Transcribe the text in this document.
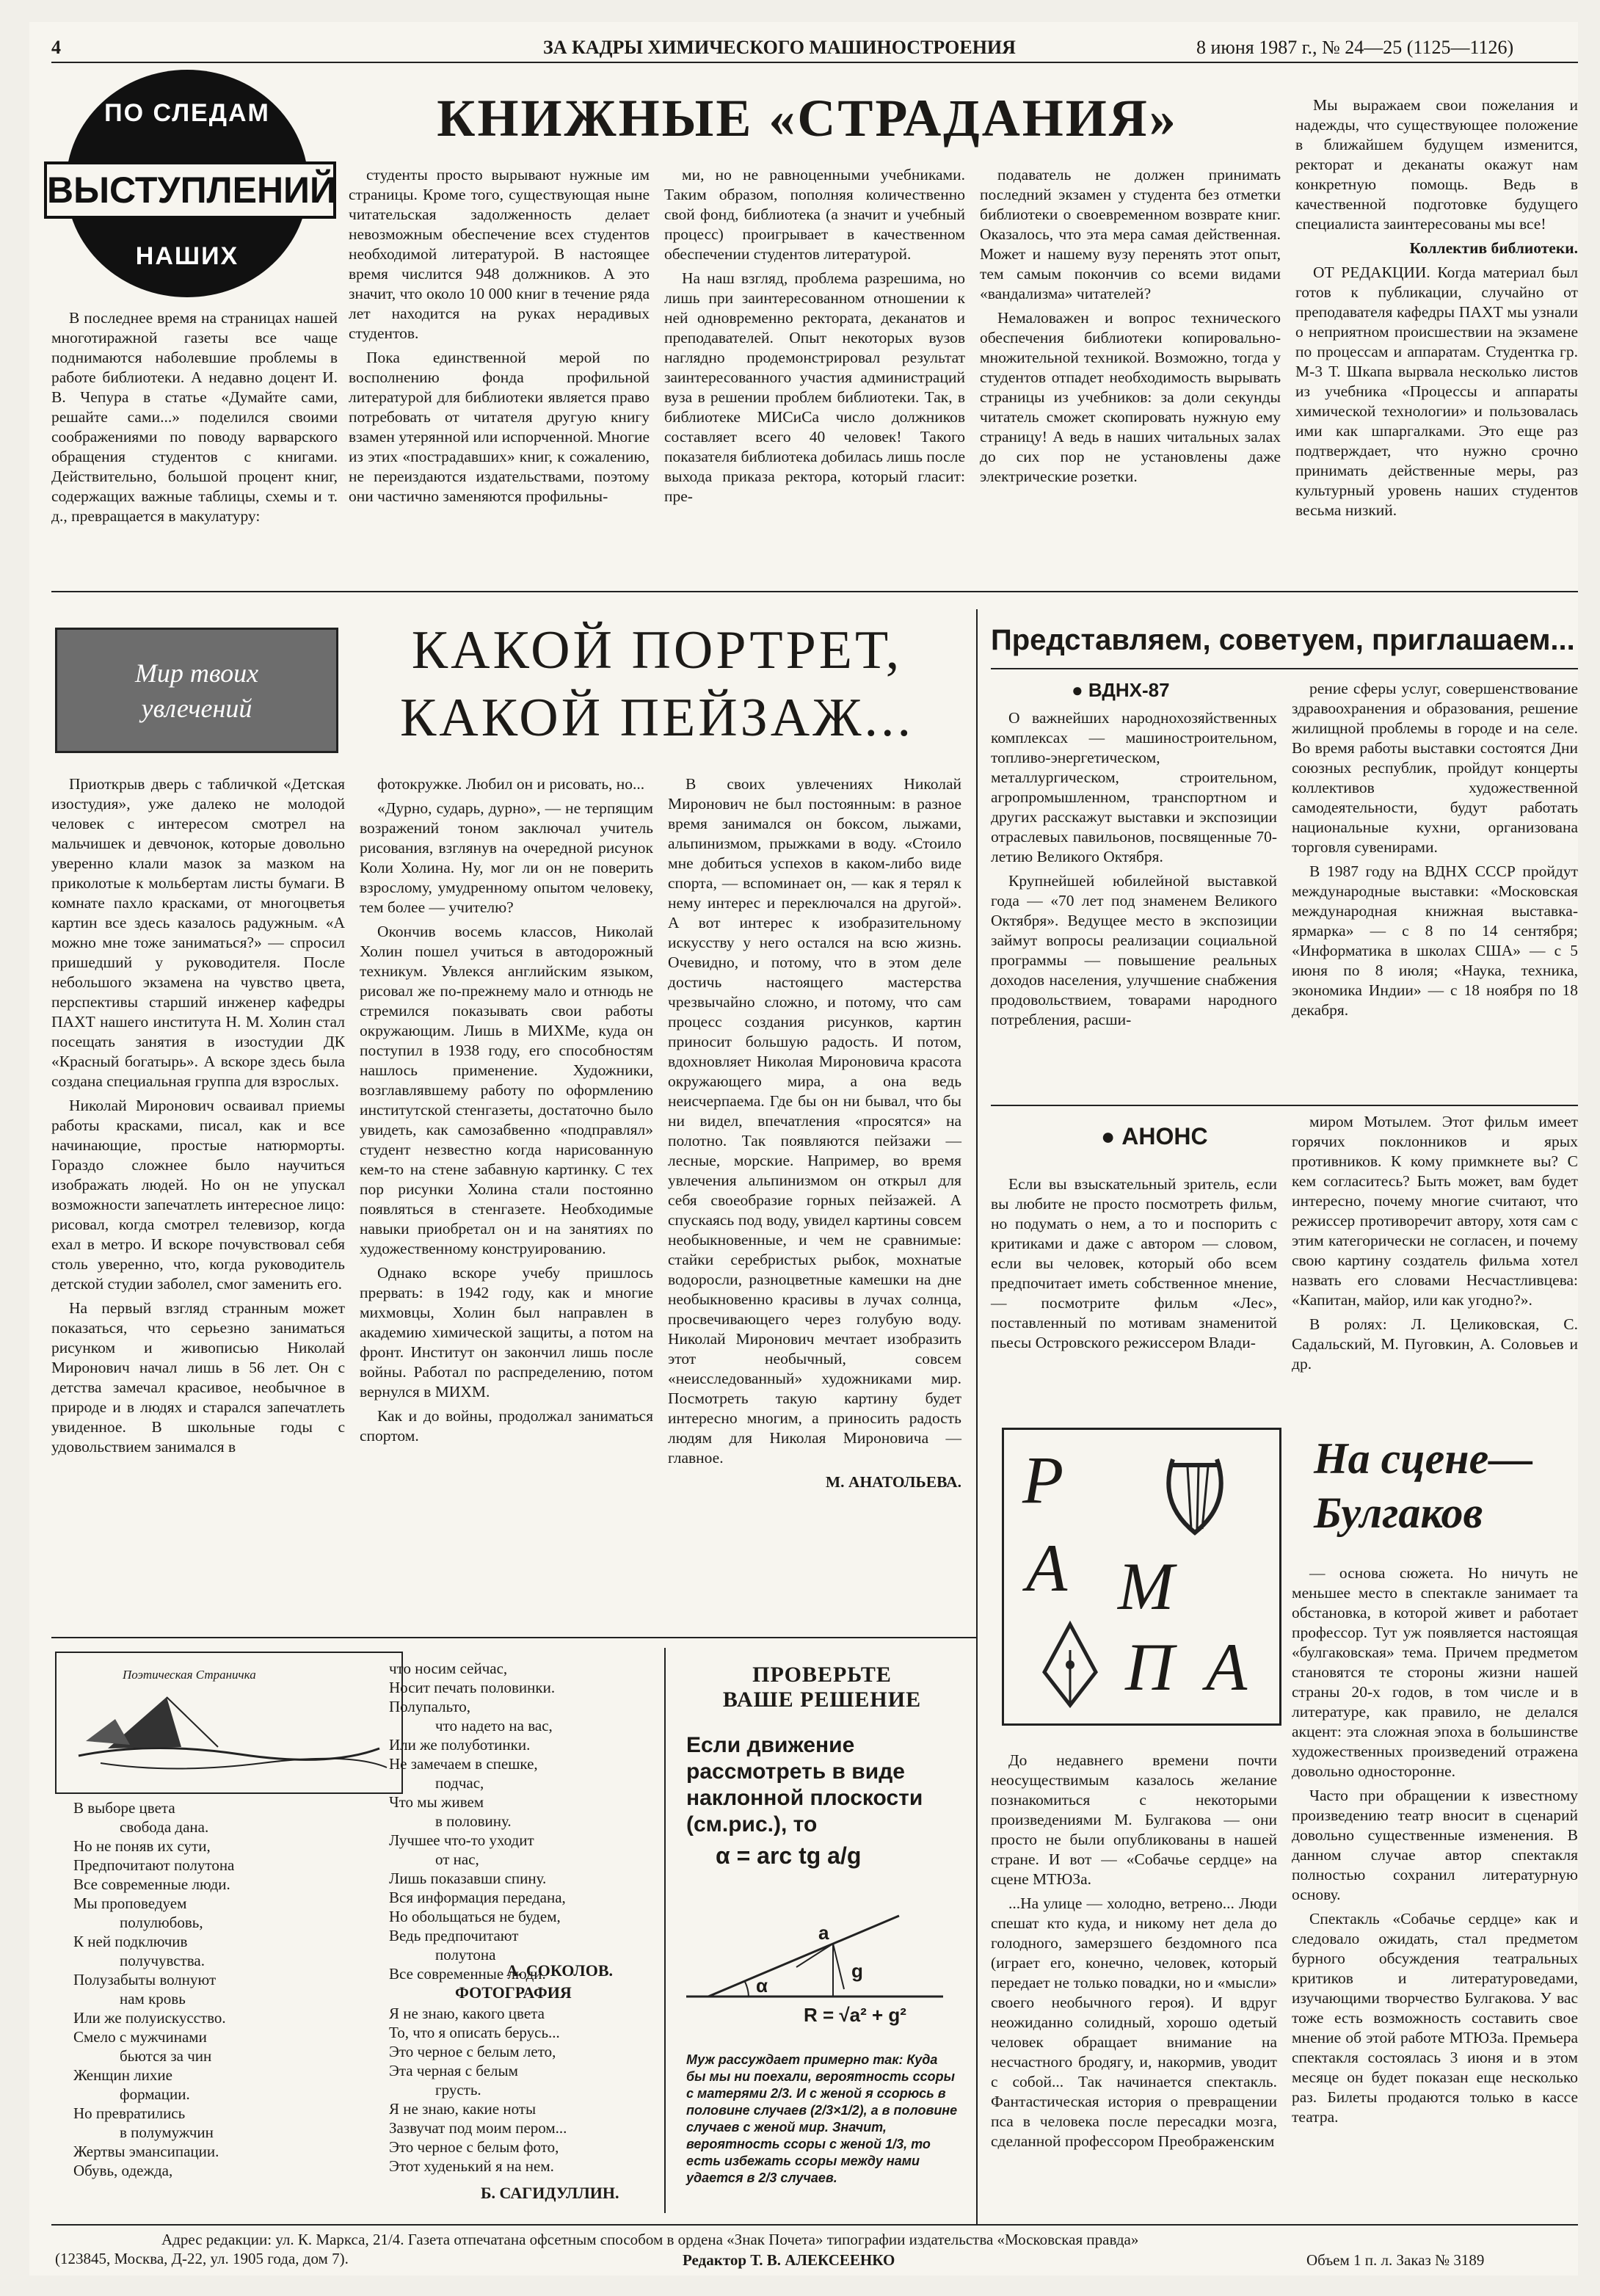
4	ЗА КАДРЫ ХИМИЧЕСКОГО МАШИНОСТРОЕНИЯ	8 июня 1987 г., № 24—25 (1125—1126)
ПО СЛЕДАМ
ВЫСТУПЛЕНИЙ
НАШИХ
КНИЖНЫЕ «СТРАДАНИЯ»

В последнее время на страницах нашей многотиражной газеты все чаще поднимаются наболевшие проблемы в работе библиотеки. А недавно доцент И. В. Чепура в статье «Думайте сами, решайте сами...» поделился своими соображениями по поводу варварского обращения студентов с книгами. Действительно, большой процент книг, содержащих важные таблицы, схемы и т. д., превращается в макулатуру:

студенты просто вырывают нужные им страницы. Кроме того, существующая ныне читательская задолженность делает невозможным обеспечение всех студентов необходимой литературой. В настоящее время числится 948 должников. А это значит, что около 10 000 книг в течение ряда лет находится на руках нерадивых студентов.

Пока единственной мерой по восполнению фонда профильной литературой для библиотеки является право потребовать от читателя другую книгу взамен утерянной или испорченной. Многие из этих «пострадавших» книг, к сожалению, не переиздаются издательствами, поэтому они частично заменяются профильны-

ми, но не равноценными учебниками. Таким образом, пополняя количественно свой фонд, библиотека (а значит и учебный процесс) проигрывает в качественном обеспечении студентов литературой.

На наш взгляд, проблема разрешима, но лишь при заинтересованном отношении к ней одновременно ректората, деканатов и преподавателей. Опыт некоторых вузов наглядно продемонстрировал результат заинтересованного участия администраций вуза в решении проблем библиотеки. Так, в библиотеке МИСиСа число должников составляет всего 40 человек! Такого показателя библиотека добилась лишь после выхода приказа ректора, который гласит: пре-

подаватель не должен принимать последний экзамен у студента без отметки библиотеки о своевременном возврате книг. Оказалось, что эта мера самая действенная. Может и нашему вузу перенять этот опыт, тем самым покончив со всеми видами «вандализма» читателей?

Немаловажен и вопрос технического обеспечения библиотеки копировально-множительной техникой. Возможно, тогда у студентов отпадет необходимость вырывать страницы из учебников: за доли секунды читатель сможет скопировать нужную ему страницу! А ведь в наших читальных залах до сих пор не установлены даже электрические розетки.

Мы выражаем свои пожелания и надежды, что существующее положение в ближайшем будущем изменится, ректорат и деканаты окажут нам конкретную помощь. Ведь в качественной подготовке будущего специалиста заинтересованы мы все!

Коллектив библиотеки.

ОТ РЕДАКЦИИ. Когда материал был готов к публикации, случайно от преподавателя кафедры ПАХТ мы узнали о неприятном происшествии на экзамене по процессам и аппаратам. Студентка гр. М-3 Т. Шкапа вырвала несколько листов из учебника «Процессы и аппараты химической технологии» и пользовалась ими как шпаргалками. Это еще раз подтверждает, что нужно срочно принимать действенные меры, раз культурный уровень наших студентов весьма низкий.

Мир твоих
увлечений
КАКОЙ ПОРТРЕТ,
КАКОЙ ПЕЙЗАЖ...

Приоткрыв дверь с табличкой «Детская изостудия», уже далеко не молодой человек с интересом смотрел на мальчишек и девчонок, которые довольно уверенно клали мазок за мазком на приколотые к мольбертам листы бумаги. В комнате пахло красками, от многоцветья картин все здесь казалось радужным. «А можно мне тоже заниматься?» — спросил пришедший у руководителя. После небольшого экзамена на чувство цвета, перспективы старший инженер кафедры ПАХТ нашего института Н. М. Холин стал посещать занятия в изостудии ДК «Красный богатырь». А вскоре здесь была создана специальная группа для взрослых.

Николай Миронович осваивал приемы работы красками, писал, как и все начинающие, простые натюрморты. Гораздо сложнее было научиться изображать людей. Но он не упускал возможности запечатлеть интересное лицо: рисовал, когда смотрел телевизор, когда ехал в метро. И вскоре почувствовал себя столь уверенно, что, когда руководитель детской студии заболел, смог заменить его.

На первый взгляд странным может показаться, что серьезно заниматься рисунком и живописью Николай Миронович начал лишь в 56 лет. Он с детства замечал красивое, необычное в природе и в людях и старался запечатлеть увиденное. В школьные годы с удовольствием занимался в

фотокружке. Любил он и рисовать, но...

«Дурно, сударь, дурно», — не терпящим возражений тоном заключал учитель рисования, взглянув на очередной рисунок Коли Холина. Ну, мог ли он не поверить взрослому, умудренному опытом человеку, тем более — учителю?

Окончив восемь классов, Николай Холин пошел учиться в автодорожный техникум. Увлекся английским языком, рисовал же по-прежнему мало и отнюдь не стремился показывать свои работы окружающим. Лишь в МИХМе, куда он поступил в 1938 году, его способностям нашлось применение. Художники, возглавлявшему работу по оформлению институтской стенгазеты, достаточно было увидеть, как самозабвенно «подправлял» студент незвестно когда нарисованную кем-то на стене забавную картинку. С тех пор рисунки Холина стали постоянно появляться в стенгазете. Необходимые навыки приобретал он и на занятиях по художественному конструированию.

Однако вскоре учебу пришлось прервать: в 1942 году, как и многие михмовцы, Холин был направлен в академию химической защиты, а потом на фронт. Институт он закончил лишь после войны. Работал по распределению, потом вернулся в МИХМ.

Как и до войны, продолжал заниматься спортом.

В своих увлечениях Николай Миронович не был постоянным: в разное время занимался он боксом, лыжами, альпинизмом, прыжками в воду. «Стоило мне добиться успехов в каком-либо виде спорта, — вспоминает он, — как я терял к нему интерес и переключался на другой». А вот интерес к изобразительному искусству у него остался на всю жизнь. Очевидно, и потому, что в этом деле достичь настоящего мастерства чрезвычайно сложно, и потому, что сам процесс создания рисунков, картин приносит большую радость. И потом, вдохновляет Николая Мироновича красота окружающего мира, а она ведь неисчерпаема. Где бы он ни бывал, что бы ни видел, впечатления «просятся» на полотно. Так появляются пейзажи — лесные, морские. Например, во время увлечения альпинизмом он открыл для себя своеобразие горных пейзажей. А спускаясь под воду, увидел картины совсем необыкновенные, и чем не сравнимые: стайки серебристых рыбок, мохнатые водоросли, разноцветные камешки на дне необыкновенно красивы в лучах солнца, просвечивающего через голубую воду. Николай Миронович мечтает изобразить этот необычный, совсем «неисследованный» художниками мир. Посмотреть такую картину будет интересно многим, а приносить радость людям для Николая Мироновича — главное.

М. АНАТОЛЬЕВА.

Представляем, советуем, приглашаем...
● ВДНХ-87

О важнейших народнохозяйственных комплексах — машиностроительном, топливо-энергетическом, металлургическом, строительном, агропромышленном, транспортном и других расскажут выставки и экспозиции отраслевых павильонов, посвященные 70-летию Великого Октября.

Крупнейшей юбилейной выставкой года — «70 лет под знаменем Великого Октября». Ведущее место в экспозиции займут вопросы реализации социальной программы — повышение реальных доходов населения, улучшение снабжения продовольствием, товарами народного потребления, расши-

рение сферы услуг, совершенствование здравоохранения и образования, решение жилищной проблемы в городе и на селе. Во время работы выставки состоятся Дни союзных республик, пройдут концерты коллективов художественной самодеятельности, будут работать национальные кухни, организована торговля сувенирами.

В 1987 году на ВДНХ СССР пройдут международные выставки: «Московская международная книжная выставка-ярмарка» — с 8 по 14 сентября; «Информатика в школах США» — с 5 июня по 8 июля; «Наука, техника, экономика Индии» — с 18 ноября по 18 декабря.

● АНОНС

Если вы взыскательный зритель, если вы любите не просто посмотреть фильм, но подумать о нем, а то и поспорить с критиками и даже с автором — словом, если вы человек, который обо всем предпочитает иметь собственное мнение, — посмотрите фильм «Лес», поставленный по мотивам знаменитой пьесы Островского режиссером Влади-

миром Мотылем. Этот фильм имеет горячих поклонников и ярых противников. К кому примкнете вы? С кем согласитесь? Быть может, вам будет интересно, почему многие считают, что режиссер противоречит автору, хотя сам с этим категорически не согласен, и почему свою картину создатель фильма хотел назвать его словами Несчастливцева: «Капитан, майор, или как угодно?».

В ролях: Л. Целиковская, С. Садальский, М. Пуговкин, А. Соловьев и др.

Поэтическая Страничка
В выборе цвета
свобода дана.
Но не поняв их сути,
Предпочитают полутона
Все современные люди.
Мы проповедуем
полулюбовь,
К ней подключив
получувства.
Полузабыты волнуют
нам кровь
Или же полуискусство.
Смело с мужчинами
бьются за чин
Женщин лихие
формации.
Но превратились
в полумужчин
Жертвы эмансипации.
Обувь, одежда,
что носим сейчас,
Носит печать половинки.
Полупальто,
что надето на вас,
Или же полуботинки.
Не замечаем в спешке,
подчас,
Что мы живем
в половину.
Лучшее что-то уходит
от нас,
Лишь показавши спину.
Вся информация передана,
Но обольщаться не будем,
Ведь предпочитают
полутона
Все современные люди.
А. СОКОЛОВ.
ФОТОГРАФИЯ
Я не знаю, какого цвета
То, что я описать берусь...
Это черное с белым лето,
Эта черная с белым
грусть.
Я не знаю, какие ноты
Зазвучат под моим пером...
Это черное с белым фото,
Этот худенький я на нем.
Б. САГИДУЛЛИН.
ПРОВЕРЬТЕ
ВАШЕ РЕШЕНИЕ
Если движение рассмотреть в виде наклонной плоскости (см.рис.), то
α = arc tg a/g
a
g
α
R = √a² + g²
Муж рассуждает примерно так: Куда бы мы ни поехали, вероятность ссоры с матерями 2/3. И с женой я ссорюсь в половине случаев (2/3×1/2), а в половине случаев с женой мир. Значит, вероятность ссоры с женой 1/3, то есть избежать ссоры между нами удается в 2/3 случаев.
Р
А М
П А
На сцене—
Булгаков

До недавнего времени почти неосуществимым казалось желание познакомиться с некоторыми произведениями М. Булгакова — они просто не были опубликованы в нашей стране. И вот — «Собачье сердце» на сцене МТЮЗа.

...На улице — холодно, ветрено... Люди спешат кто куда, и никому нет дела до голодного, замерзшего бездомного пса (играет его, конечно, человек, который передает не только повадки, но и «мысли» своего необычного героя). И вдруг неожиданно солидный, хорошо одетый человек обращает внимание на несчастного бродягу, и, накормив, уводит с собой... Так начинается спектакль. Фантастическая история о превращении пса в человека после пересадки мозга, сделанной профессором Преображенским

— основа сюжета. Но ничуть не меньшее место в спектакле занимает та обстановка, в которой живет и работает профессор. Тут уж появляется настоящая «булгаковская» тема. Причем предметом становятся те стороны жизни нашей страны 20-х годов, в том числе и в литературе, как правило, не делался акцент: эта сложная эпоха в большинстве художественных произведений отражена довольно односторонне.

Часто при обращении к известному произведению театр вносит в сценарий довольно существенные изменения. В данном случае автор спектакля полностью сохранил литературную основу.

Спектакль «Собачье сердце» как и следовало ожидать, стал предметом бурного обсуждения театральных критиков и литературоведами, изучающими творчество Булгакова. У вас тоже есть возможность составить свое мнение об этой работе МТЮЗа. Премьера спектакля состоялась 3 июня и в этом месяце он будет показан еще несколько раз. Билеты продаются только в кассе театра.

Адрес редакции: ул. К. Маркса, 21/4. Газета отпечатана офсетным способом в ордена «Знак Почета» типографии издательства «Московская правда»
(123845, Москва, Д-22, ул. 1905 года, дом 7).	Редактор Т. В. АЛЕКСЕЕНКО	Объем 1 п. л. Заказ № 3189
